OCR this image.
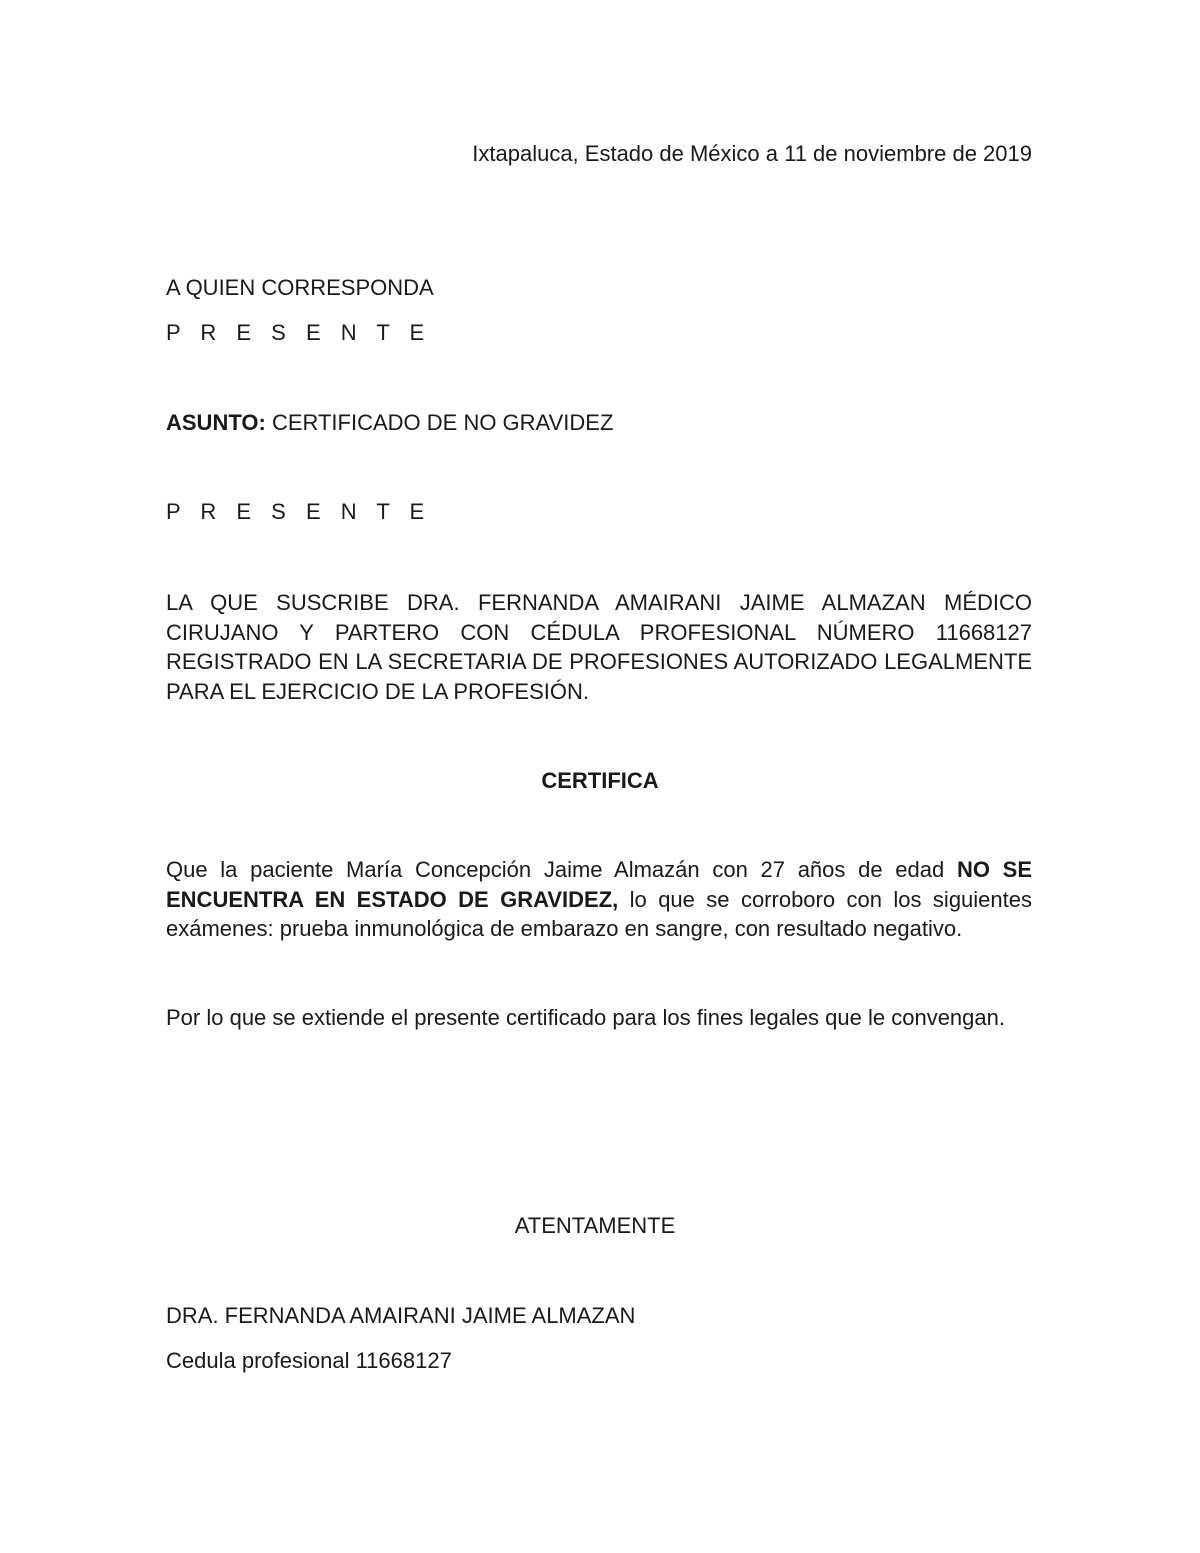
Ixtapaluca, Estado de México a 11 de noviembre de 2019
A QUIEN CORRESPONDA
P R E S E N T E
ASUNTO: CERTIFICADO DE NO GRAVIDEZ
P R E S E N T E
LA QUE SUSCRIBE DRA. FERNANDA AMAIRANI JAIME ALMAZAN MÉDICO CIRUJANO Y PARTERO CON CÉDULA PROFESIONAL NÚMERO 11668127 REGISTRADO EN LA SECRETARIA DE PROFESIONES AUTORIZADO LEGALMENTE PARA EL EJERCICIO DE LA PROFESIÓN.
CERTIFICA
Que la paciente María Concepción Jaime Almazán con 27 años de edad NO SE ENCUENTRA EN ESTADO DE GRAVIDEZ, lo que se corroboro con los siguientes exámenes: prueba inmunológica de embarazo en sangre, con resultado negativo.
Por lo que se extiende el presente certificado para los fines legales que le convengan.
ATENTAMENTE
DRA. FERNANDA AMAIRANI JAIME ALMAZAN
Cedula profesional 11668127
